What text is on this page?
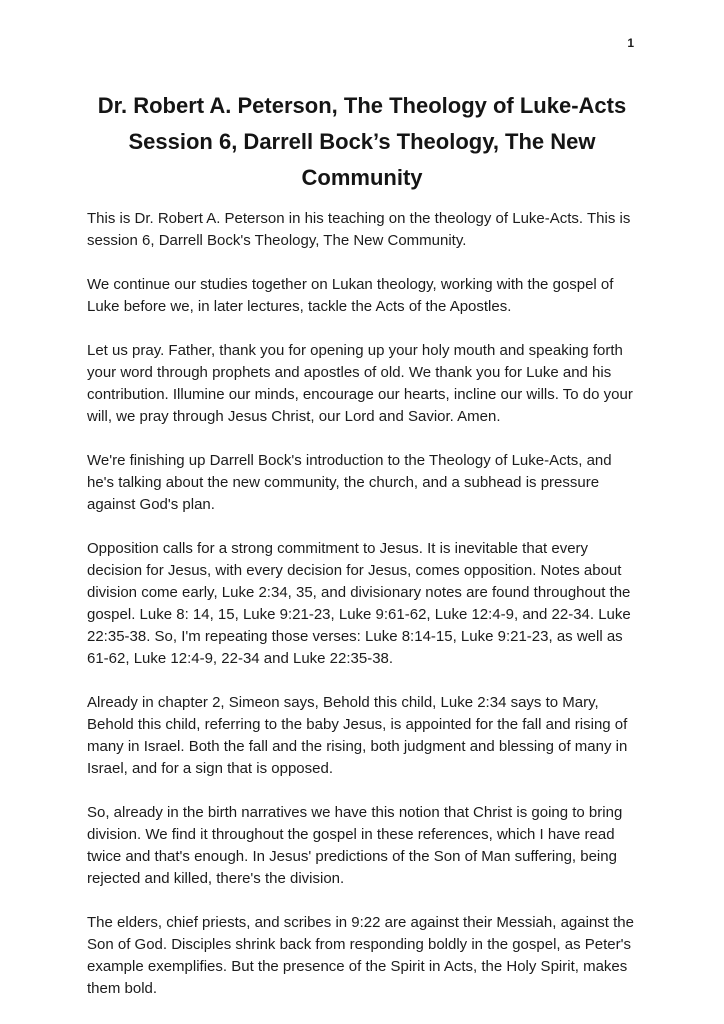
1
Dr. Robert A. Peterson, The Theology of Luke-Acts
Session 6, Darrell Bock’s Theology, The New
Community

This is Dr. Robert A. Peterson in his teaching on the theology of Luke-Acts. This is session 6, Darrell Bock's Theology, The New Community.

We continue our studies together on Lukan theology, working with the gospel of Luke before we, in later lectures, tackle the Acts of the Apostles.

Let us pray. Father, thank you for opening up your holy mouth and speaking forth your word through prophets and apostles of old. We thank you for Luke and his contribution. Illumine our minds, encourage our hearts, incline our wills. To do your will, we pray through Jesus Christ, our Lord and Savior. Amen.

We're finishing up Darrell Bock's introduction to the Theology of Luke-Acts, and he's talking about the new community, the church, and a subhead is pressure against God's plan.

Opposition calls for a strong commitment to Jesus. It is inevitable that every decision for Jesus, with every decision for Jesus, comes opposition. Notes about division come early, Luke 2:34, 35, and divisionary notes are found throughout the gospel. Luke 8: 14, 15, Luke 9:21-23, Luke 9:61-62, Luke 12:4-9, and 22-34. Luke 22:35-38. So, I'm repeating those verses: Luke 8:14-15, Luke 9:21-23, as well as 61-62, Luke 12:4-9, 22-34 and Luke 22:35-38.

Already in chapter 2, Simeon says, Behold this child, Luke 2:34 says to Mary, Behold this child, referring to the baby Jesus, is appointed for the fall and rising of many in Israel. Both the fall and the rising, both judgment and blessing of many in Israel, and for a sign that is opposed.

So, already in the birth narratives we have this notion that Christ is going to bring division. We find it throughout the gospel in these references, which I have read twice and that's enough. In Jesus' predictions of the Son of Man suffering, being rejected and killed, there's the division.

The elders, chief priests, and scribes in 9:22 are against their Messiah, against the Son of God. Disciples shrink back from responding boldly in the gospel, as Peter's example exemplifies. But the presence of the Spirit in Acts, the Holy Spirit, makes them bold.
